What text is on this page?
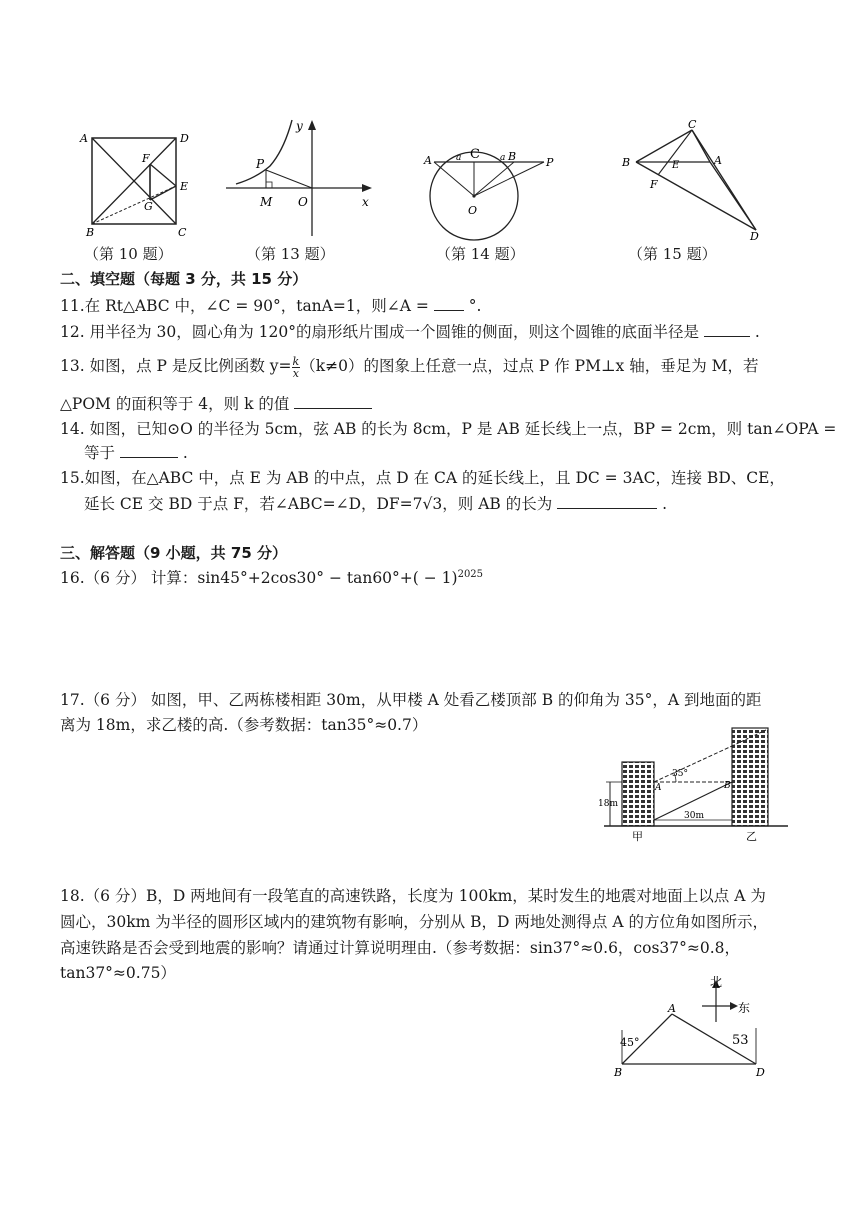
A
B	C
D
E
F
G
（第 10 题）
y
x
P
M O
（第 13 题）
A	B
C
P
O
a	a
（第 14 题）
B
C
A
E
F
D
（第 15 题）
二、填空题（每题 3 分，共 15 分）
11.在 Rt△ABC 中，∠C = 90°，tanA=1，则∠A =	°.
12. 用半径为 30，圆心角为 120°的扇形纸片围成一个圆锥的侧面，则这个圆锥的底面半径是	.
13. 如图，点 P 是反比例函数 $y= \frac{k}{x} (k\ne 0)$的图象上任意一点，过点 P 作 PM⊥x 轴，垂足为 M，若
△POM 的面积等于 4，则 k 的值
14. 如图，已知⊙O 的半径为 5cm，弦 AB 的长为 8cm，P 是 AB 延长线上一点，BP = 2cm，则 tan∠OPA =
等于	.
15.如图，在△ABC 中，点 E 为 AB 的中点，点 D 在 CA 的延长线上，且 DC = 3AC，连接 BD、CE，
延长 CE 交 BD 于点 F，若∠ABC=∠D，DF=7√3，则 AB 的长为	.
三、解答题（9 小题，共 75 分）
16.（6 分） 计算：$\sin 45^\circ+2\cos 30^\circ - \tan 60^\circ+( - 1)^{2025}$
17.（6 分） 如图，甲、乙两栋楼相距 30m，从甲楼 A 处看乙楼顶部 B 的仰角为 35°，A 到地面的距
离为 18m，求乙楼的高.（参考数据：tan35°≈0.7）
35°
18m
30m
A	B
甲	乙
18.（6 分）B，D 两地间有一段笔直的高速铁路，长度为 100km，某时发生的地震对地面上以点 A 为
圆心，30km 为半径的圆形区域内的建筑物有影响，分别从 B，D 两地处测得点 A 的方位角如图所示，
高速铁路是否会受到地震的影响？请通过计算说明理由.（参考数据：sin37°≈0.6，cos37°≈0.8，
tan37°≈0.75）	北
东
45°	53
A
B	D
